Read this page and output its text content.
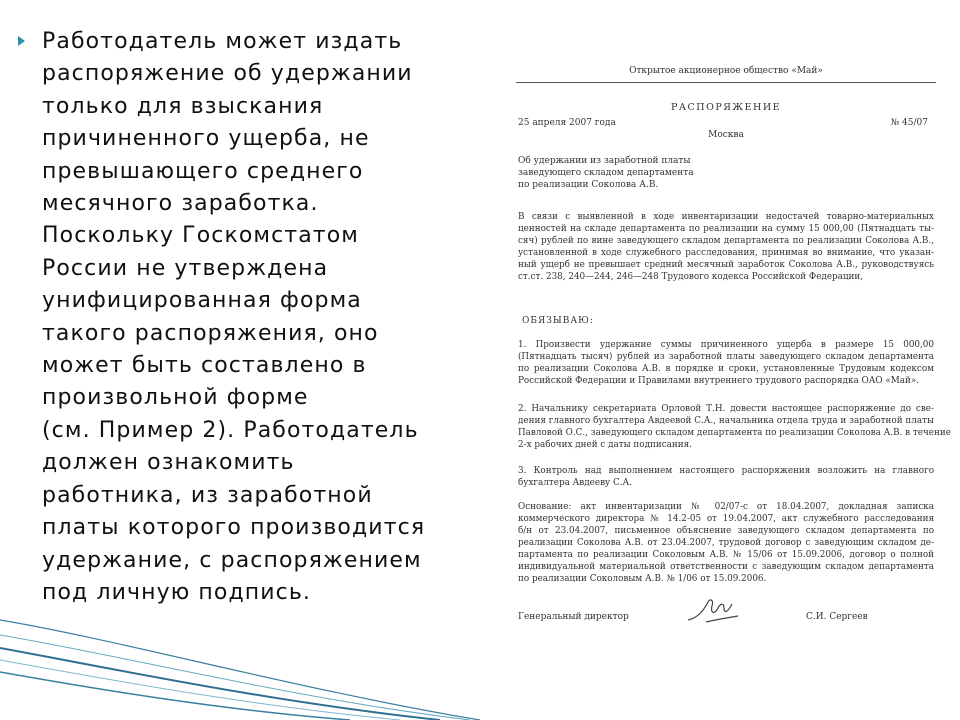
Работодатель может издать
распоряжение об удержании
только для взыскания
причиненного ущерба, не
превышающего среднего
месячного заработка.
Поскольку Госкомстатом
России не утверждена
унифицированная форма
такого распоряжения, оно
может быть составлено в
произвольной форме
(см. Пример 2). Работодатель
должен ознакомить
работника, из заработной
платы которого производится
удержание, с распоряжением
под личную подпись.
Открытое акционерное общество «Май»
РАСПОРЯЖЕНИЕ
25 апреля 2007 года	№ 45/07
Москва
Об удержании из заработной платы
заведующего складом департамента
по реализации Соколова А.В.
В связи с выявленной в ходе инвентаризации недостачей товарно-материальных
ценностей на складе департамента по реализации на сумму 15 000,00 (Пятнадцать ты-
сяч) рублей по вине заведующего складом департамента по реализации Соколова А.В.,
установленной в ходе служебного расследования, принимая во внимание, что указан-
ный ущерб не превышает средний месячный заработок Соколова А.В., руководствуясь
ст.ст. 238, 240—244, 246—248 Трудового кодекса Российской Федерации,
ОБЯЗЫВАЮ:
1. Произвести удержание суммы причиненного ущерба в размере 15 000,00
(Пятнадцать тысяч) рублей из заработной платы заведующего складом департамента
по реализации Соколова А.В. в порядке и сроки, установленные Трудовым кодексом
Российской Федерации и Правилами внутреннего трудового распорядка ОАО «Май».
2. Начальнику секретариата Орловой Т.Н. довести настоящее распоряжение до све-
дения главного бухгалтера Авдеевой С.А., начальника отдела труда и заработной платы
Павловой О.С., заведующего складом департамента по реализации Соколова А.В. в течение
2-х рабочих дней с даты подписания.
3. Контроль над выполнением настоящего распоряжения возложить на главного
бухгалтера Авдееву С.А.
Основание: акт инвентаризации № 02/07-с от 18.04.2007, докладная записка
коммерческого директора № 14.2-05 от 19.04.2007, акт служебного расследования
б/н от 23.04.2007, письменное объяснение заведующего складом департамента по
реализации Соколова А.В. от 23.04.2007, трудовой договор с заведующим складом де-
партамента по реализации Соколовым А.В. № 15/06 от 15.09.2006, договор о полной
индивидуальной материальной ответственности с заведующим складом департамента
по реализации Соколовым А.В. № 1/06 от 15.09.2006.
Генеральный директор	С.И. Сергеев
